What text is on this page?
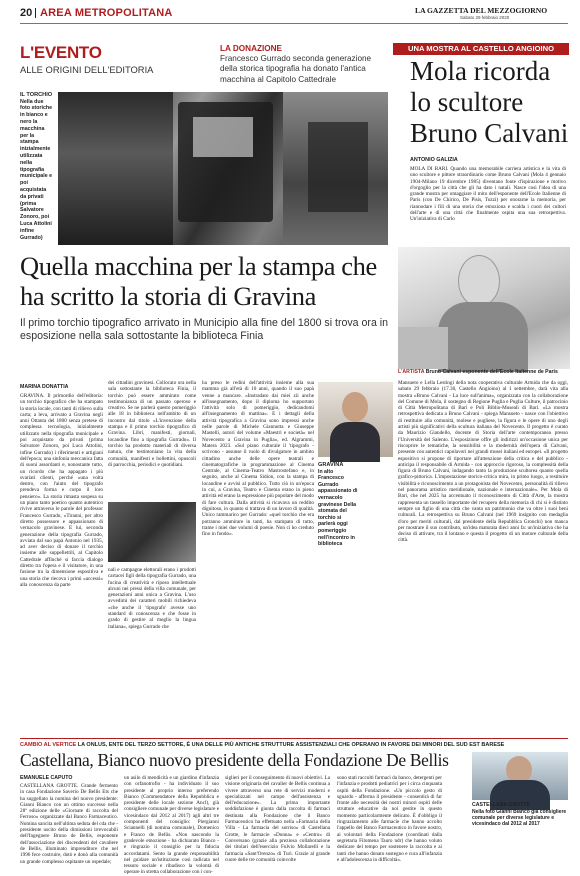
20 AREA METROPOLITANA	LA GAZZETTA DEL MEZZOGIORNO
Sabato 29 febbraio 2020
L'EVENTO
ALLE ORIGINI DELL'EDITORIA
LA DONAZIONE
Francesco Gurrado seconda generazione della storica tipografia ha donato l'antica macchina al Capitolo Cattedrale
IL TORCHIO
Nella due foto storiche in bianco e nero la macchina per la stampa inizialmente utilizzata nella tipografia municipale e poi acquistata da privati (prima Salvatore Zonoro, poi Luca Attolini infine Gurrado)
UNA MOSTRA AL CASTELLO ANGIOINO
Mola ricorda lo scultore Bruno Calvani
ANTONIO GALIZIA

MOLA DI BARI. Quando una memorabile carriera artistica e la vita di uno scultore e pittore straordinario come Bruno Calvani (Mola 4 gennaio 1904-Milano 19 dicembre 1985) diventano fonte d'ispirazione e motivo d'orgoglio per la città che gli ha dato i natali. Nasce così l'idea di una grande mostra per omaggiare il mito dell'esponente dell'Ecole Italienne di Paris (con De Chirico, De Pisis, Tozzi) per onorarne la memoria, per riannodare i fili di una storia che emoziona e scalda i cuori dei cultori dell'arte e di una città che finalmente ospita una sua retrospettiva. Un'iniziativa di Carlo

Quella macchina per la stampa che ha scritto la storia di Gravina
Il primo torchio tipografico arrivato in Municipio alla fine del 1800 si trova ora in esposizione nella sala sottostante la biblioteca Finia
L'ARTISTA Bruno Calvani esponente dell'Ecole Italienne de Paris
MARINA DONATTIA

GRAVINA. Il primordio dell'editoria: un torchio tipografico che ha stampato la storia locale, con tanti di rilievo sulla carta; a leva, arrivato a Gravina negli anni Ottanta del 1800 senza pretese di complessa tecnologia, inizialmente utilizzato nella tipografia municipale e poi acquistato da privati (prima Salvatore Zonoro, poi Luca Attolini, infine Gurrado) i riferimenti e artigiani dell'epoca; una sinfonia meccanica fatta di suoni assordanti e, nonostante tutto, un ricordo che ha appagato i più svariati clienti, perché «una volta dentro, con l'aiuto del tipografo prendeva forma e corpo il loro pensiero». La storia rimasta sospesa su un piano tanto poetico quanto autentico rivive attraverso le parole del professor Francesco Gurrado, «Tiranni, per altro diretto possessore e appassionato di vernacolo gravinese. E lui, seconda generazione della tipografia Gurrado, avviata dal suo papà Antonio nel 1935, ad aver deciso di donare il torchio insieme alle suppellettili, al Capitolo Cattedrale affinché si faccia dialogo diretto tra l'opera e il visitatore, in una fusione tra la dimensione espositiva e una storia che riecova i primi «accessi» alla conoscenza da parte

dei cittadini gravinesi. Collocato ora nella sala sottostante la biblioteca Finia, il torchio può essere ammirato come testimonianza di un passato operoso e creativo. Se ne parlerà questo pomeriggio alle 18 in biblioteca nell'ambito di un incontro dal titolo «L'invenzione della stampa e il primo torchio tipografico di Gravina. Libri, manifesti, giornali, locandine fino a tipografia Gurrado». Il torchio ha prodotto materiali di diversa natura, che testimoniano la vita della comunità, manifesti e bollettini, opuscoli di parrocchia, periodici e quotidiani.

nali e campagne elettorali erano i prodotti cartacei figli della tipografia Gurrado, una fucina di creatività e riposo intellettuale alcuni nei pressi della villa comunale, per generazioni anni unica a Gravina. L'uso avvedimi dei caratteri mobili richiedeva «che anche il 'tipografo' avesse uno standard di conoscenza e che fosse in grado di gestire al meglio la lingua italiana», spiega Gurrado che

ha preso le redini dell'attività insieme alla sua mamma già all'età di 10 anni, quando il suo papà venne a mancare. «Instradato dai miei zii anche all'insegnamento, dopo il diploma ho supportato l'attività solo di pomeriggio, dedicandomi all'insegnamento di mattina». E i dettagli della attività tipografica a Gravina sono impressi anche nelle parole di Michele Giannotta e Giuseppe Mastelli, autori del volume «Maestri e società» nel Novecento a Gravina in Puglia», ed. Algrammi, Matera 2023. «Sul piano culturale il 'tipografo - scrivono - assunse il ruolo di divulgatore in ambito cittadino anche delle opere teatrali e cinematografiche in programmazione al Cinema Centrale, al Cinema-Teatro Mastrostefano e, in seguito, anche al Cinema Sidion, con la stampa di locandine e avvisi al pubblico. Tutto ciò in un'epoca in cui, a Gravina, Teatro e Cinema erano in pieno attività ed erano la espressione più popolare del modo di fare cultura. Dalla attività si ricavava un reddito dignitoso, in quanto si trattava di un lavoro di qualità. Unico rammarico per Gurrado: «quel torchio che era potranno ammirare in tanti, ha stampato di tutto, trame i miei due volumi di poesie. Non ci ho creduto fino in fondo».

GRAVINA
In alto Francesco Gurrado appassionato di vernacolo gravinese Della stomata del torchio si parlerà oggi pomeriggio nell'incontro in biblioteca

Mansueto e Lella Lestingi della nota cooperativa culturale Armida che da oggi, sabato 29 febbraio (17.30, Castello Angioino) al 1 settembre, darà vita alla mostra «Bruno Calvani - La luce sull'anima», organizzata con la collaborazione del Comune di Mola, il sostegno di Regione Puglia e Puglia Culture, il patrocinio di Città Metropolitana di Bari e Poli Biblio-Museali di Bari. «La mostra retrospettiva dedicata a Bruno Calvani - spiega Mansueto - nasce con l'obiettivo di restituire alla comunità, molese e pugliese, la figura e le opere di uno degli artisti più significativi della scultura italiana del Novecento. Il progetto è curato da Maurizio Giandello, docente di Storia dell'arte contemporanea presso l'Università del Salento. L'esposizione offre gli indirizzi un'occasione unica per riscoprire le tematiche, la sensibilità e la modernità dell'opera di Calvani, presente con autentici capolavori nei grandi musei italiani ed europei. «Il progetto espositivo si propone di riportare all'attenzione della critica e del pubblico - anticipa il responsabile di Armida - con approccio rigoroso, la complessità della figura di Bruno Calvani, indagando tanto la produzione scultorea quanto quella grafico-pittorica. L'impostazione storico-critica mira, in primo luogo, a restituire visibilità e riconoscimento a un protagonista del Novecento, personalità di rilievo nel panorama artistico meridionale, nazionale e internazionale». Per Mola di Bari, che nel 2025 ha accentuato il riconoscimento di Città d'Arte, la mostra rappresenta un tassello importante del recupero della memoria di chi si è distinto sempre un figlio di una città che vanta un patrimonio che va oltre i suoi beni culturali. La retrospettiva su Bruno Calvani (nel 1969 insignito con medaglia d'oro per meriti culturali, dal presidente della Repubblica Gronchi) non manca per mostrare il suo contributo, un'idea maturata dieci anni fa: un'iniziativa che ha deciso di attivare, tra il lontano e questa il progetto di un motore culturale della città.

CAMBIO AL VERTICE LA ONLUS, ENTE DEL TERZO SETTORE, È UNA DELLE PIÙ ANTICHE STRUTTURE ASSISTENZIALI CHE OPERANO IN FAVORE DEI MINORI DEL SUD EST BARESE
Castellana, Bianco nuovo presidente della Fondazione De Bellis
EMANUELE CAPUTO

CASTELLANA GROTTE. Grande fermento in casa Fondazione Saverio De Bellis Ets che ha suggellato la nomina del nuovo presidente: Gianni Bianco con un ottimo successo nella 28ª edizione delle «Giornate di raccolta del Ferroso» organizzate dal Banco Farmaceutico. Nomina sancita nell'ultima seduta del cda che - presidente uscito della dimissioni irrevocabili dell'Ingegnere Bruno de Bellis, esponente dell'associazione dei discendenti del cavaliere de Bellis, illuminato imprenditore che nel 1996 fece costruire, dotò e donò alla comunità un grande complesso ospitante un ospedale;

un asilo di mendicità e un giardino d'infanzia con orfanotrofio - ha individuato il suo presidente al proprio interno preferendo Bianco (Commendatore della Repubblica e presidente delle locale sezione Ancl), già consigliere comunale per diverse legislature e vicesindaco dal 2012 al 2017) agli altri tre componenti del consiglio: Piergianni Sciannelli (di nomina comunale), Domenico e Franco de Bellis. «Non nascondo la gradevole emozione - ha dichiarato Bianco - e ringrazio il consiglio per la fiducia accordatami. Sento la grande responsabilità nel guidare un'istituzione così radicata nel tessuto sociale e ribadisco la volontà di operare in stretta collaborazione con i con-

siglieri per il conseguimento di nuovi obiettivi. La visione originaria del cavalier de Bellis continua a vivere attraverso una rete di servizi moderni e specializzati nel campo dell'assistenza e dell'educazione». La prima importante soddisfazione è giunta dalla raccolta di farmaci destinata alla Fondazione che il Banco Farmaceutico ha effettuato nella «Farmacia della Villa - La farmacia del sorriso» di Castellana Grotte, le farmacie «Donna» e «Centro» di Conversano (grazie alla preziosa collaborazione dei titolari dell'esercizio Fulvio Mollarelli e la farmacia «Sant'Orenzo» di Turi. Grazie al grande cuore delle tre comunità coinvolte

sono stati raccolti farmaci da banco, detergenti per l'infanzia e prodotti pediatrici per i circa cinquanta ospiti della Fondazione. «Un piccolo gesto di sguardo - afferma il presidente - consentirà di far fronte alle necessità dei nostri minori ospiti delle strutture educative da noi gestite in questo momento particolarmente delicato. È d'obbligo il ringraziamento alle farmacie che hanno accolto l'appello del Banco Farmaceutico in favore nostro, ai volontari della Fondazione (coordinati dalla segretaria Filomena Tauro ndr) che hanno voluto dedicare del tempo per sostenere la raccolta e ai tanti che hanno donato sostegno e cura all'infanzia e all'adolescenza in difficoltà».

CASTELLANA GROTTE
Nella foto Gianni Bianco già consigliere comunale per diverse legislature e vicesindaco dal 2012 al 2017
